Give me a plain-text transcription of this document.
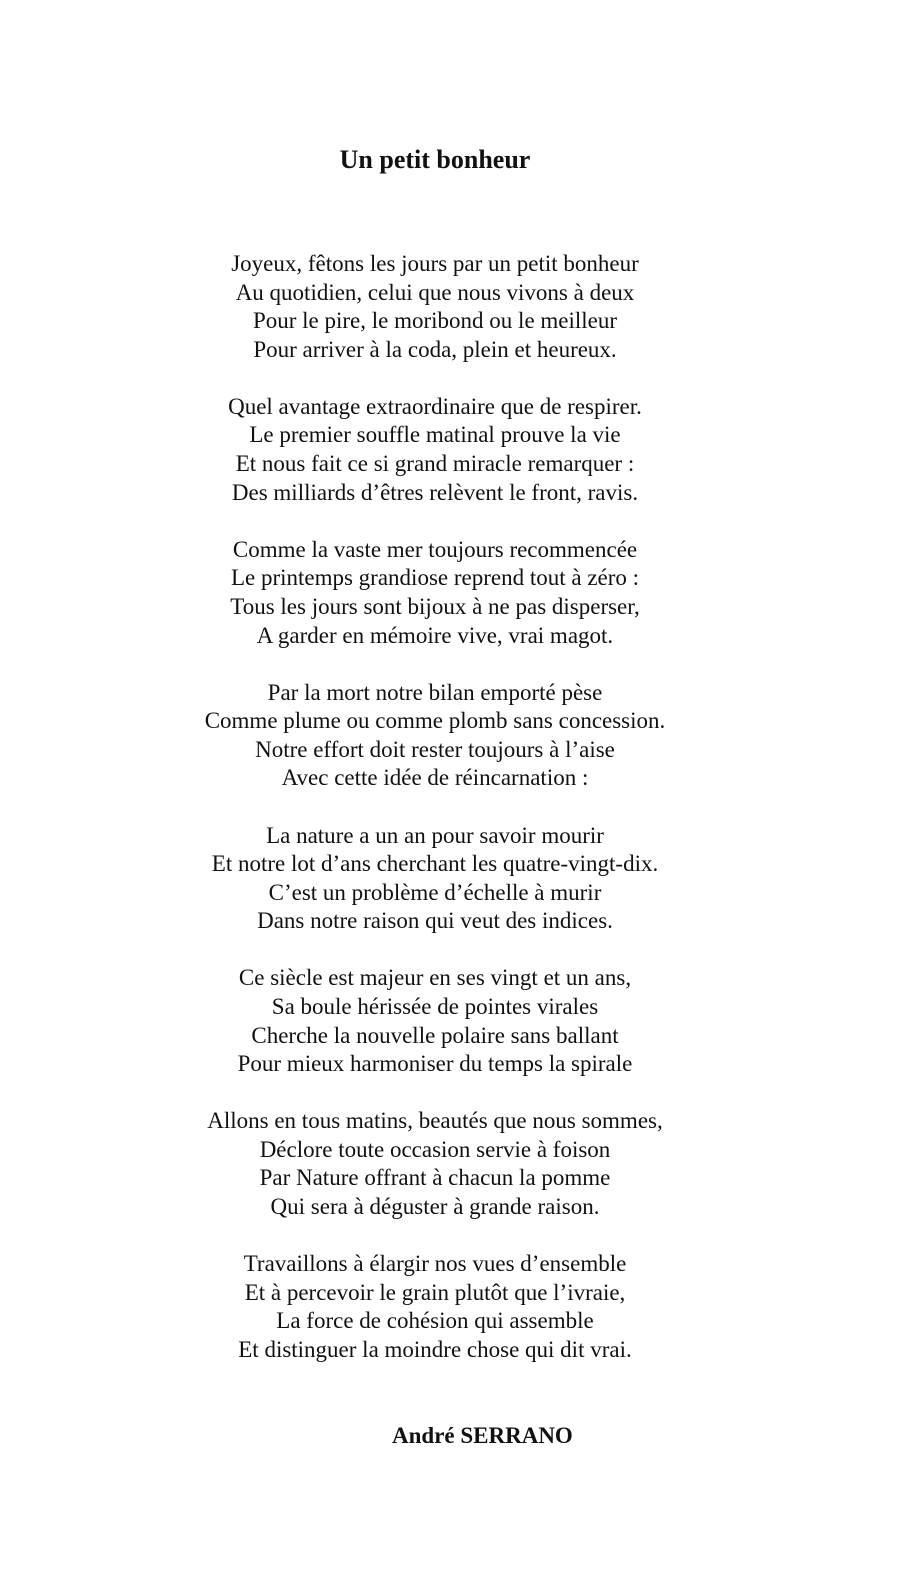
Un petit bonheur
Joyeux, fêtons les jours par un petit bonheur
Au quotidien, celui que nous vivons à deux
Pour le pire, le moribond ou le meilleur
Pour arriver à la coda, plein et heureux.
Quel avantage extraordinaire que de respirer.
Le premier souffle matinal prouve la vie
Et nous fait ce si grand miracle remarquer :
Des milliards d’êtres relèvent le front, ravis.
Comme la vaste mer toujours recommencée
Le printemps grandiose reprend tout à zéro :
Tous les jours sont bijoux à ne pas disperser,
A garder en mémoire vive, vrai magot.
Par la mort notre bilan emporté pèse
Comme plume ou comme plomb sans concession.
Notre effort doit rester toujours à l’aise
Avec cette idée de réincarnation :
La nature a un an pour savoir mourir
Et notre lot d’ans cherchant les quatre-vingt-dix.
C’est un problème d’échelle à murir
Dans notre raison qui veut des indices.
Ce siècle est majeur en ses vingt et un ans,
Sa boule hérissée de pointes virales
Cherche la nouvelle polaire sans ballant
Pour mieux harmoniser du temps la spirale
Allons en tous matins, beautés que nous sommes,
Déclore toute occasion servie à foison
Par Nature offrant à chacun la pomme
Qui sera à déguster à grande raison.
Travaillons à élargir nos vues d’ensemble
Et à percevoir le grain plutôt que l’ivraie,
La force de cohésion qui assemble
Et distinguer la moindre chose qui dit vrai.

André SERRANO
